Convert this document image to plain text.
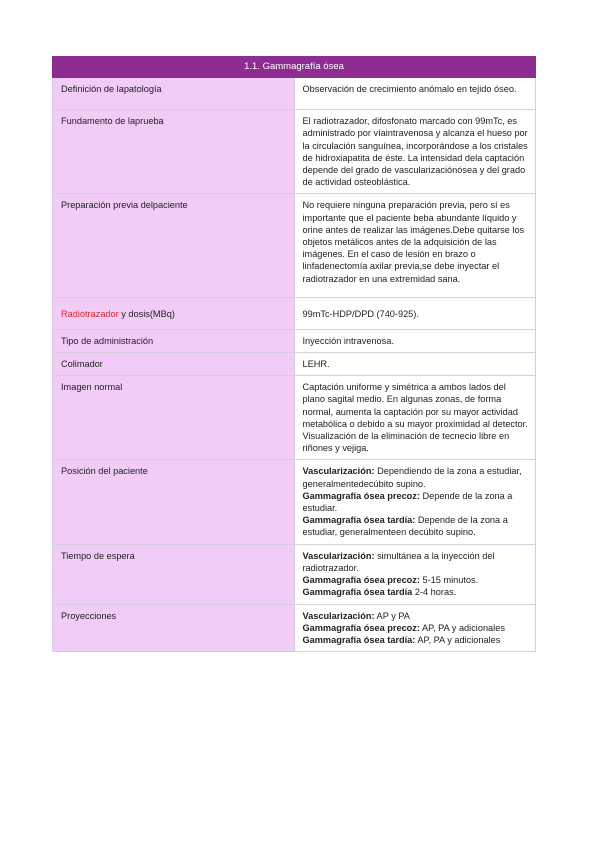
1.1. Gammagrafía ósea	
Definición de lapatología	Observación de crecimiento anómalo en tejido óseo.
Fundamento de laprueba	El radiotrazador, difosfonato marcado con 99mTc, es administrado por víaintravenosa y alcanza el hueso por la circulación sanguínea, incorporándose a los cristales de hidroxiapatita de éste. La intensidad dela captación depende del grado de vascularizaciónósea y del grado de actividad osteoblástica.
Preparación previa delpaciente	No requiere ninguna preparación previa, pero sí es importante que el paciente beba abundante líquido y orine antes de realizar las imágenes.Debe quitarse los objetos metálicos antes de la adquisición de las imágenes. En el caso de lesión en brazo o linfadenectomía axilar previa,se debe inyectar el radiotrazador en una extremidad sana.
Radiotrazador y dosis(MBq)	99mTc-HDP/DPD (740-925).
Tipo de administración	Inyección intravenosa.
Colimador	LEHR.
Imagen normal	Captación uniforme y simétrica a ambos lados del plano sagital medio. En algunas zonas, de forma normal, aumenta la captación por su mayor actividad metabólica o debido a su mayor proximidad al detector. Visualización de la eliminación de tecnecio libre en riñones y vejiga.
Posición del paciente	Vascularización: Dependiendo de la zona a estudiar, generalmentedecúbito supino.
Gammagrafía ósea precoz: Depende de la zona a estudiar.
Gammagrafía ósea tardía: Depende de la zona a estudiar, generalmenteen decúbito supino.

Tiempo de espera	Vascularización: simultánea a la inyección del radiotrazador.
Gammagrafía ósea precoz: 5-15 minutos.
Gammagrafía ósea tardía 2-4 horas.

Proyecciones	Vascularización: AP y PA
Gammagrafía ósea precoz: AP, PA y adicionales
Gammagrafía ósea tardía: AP, PA y adicionales
